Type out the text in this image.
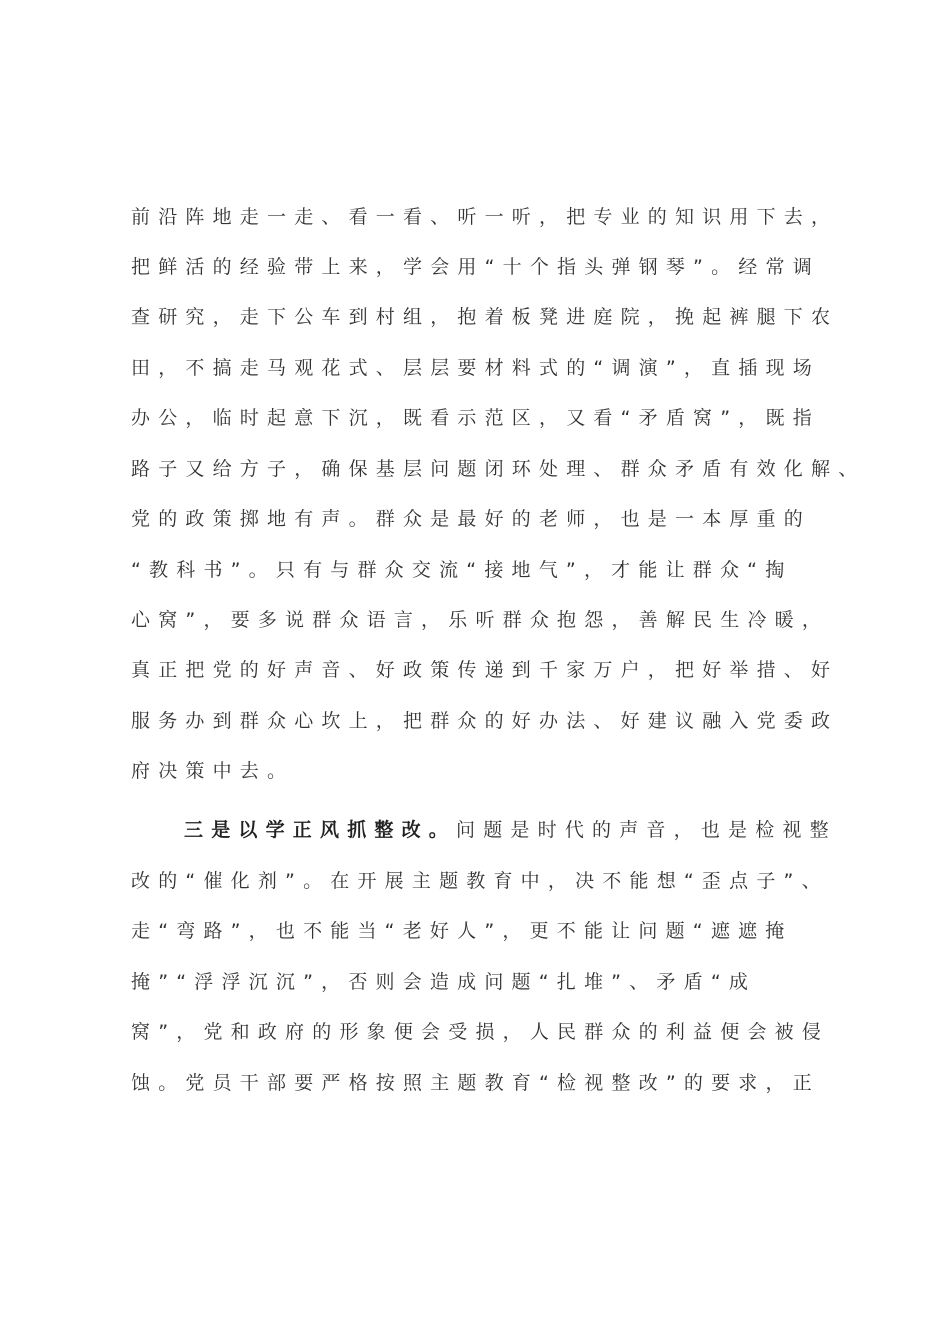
前沿阵地走一走、看一看、听一听，把专业的知识用下去，
把鲜活的经验带上来，学会用“十个指头弹钢琴”。经常调
查研究，走下公车到村组，抱着板凳进庭院，挽起裤腿下农
田，不搞走马观花式、层层要材料式的“调演”，直插现场
办公，临时起意下沉，既看示范区，又看“矛盾窝”，既指
路子又给方子，确保基层问题闭环处理、群众矛盾有效化解、
党的政策掷地有声。群众是最好的老师，也是一本厚重的
“教科书”。只有与群众交流“接地气”，才能让群众“掏
心窝”，要多说群众语言，乐听群众抱怨，善解民生冷暖，
真正把党的好声音、好政策传递到千家万户，把好举措、好
服务办到群众心坎上，把群众的好办法、好建议融入党委政
府决策中去。
三是以学正风抓整改。问题是时代的声音，也是检视整
改的“催化剂”。在开展主题教育中，决不能想“歪点子”、
走“弯路”，也不能当“老好人”，更不能让问题“遮遮掩
掩”“浮浮沉沉”，否则会造成问题“扎堆”、矛盾“成
窝”，党和政府的形象便会受损，人民群众的利益便会被侵
蚀。党员干部要严格按照主题教育“检视整改”的要求，正
